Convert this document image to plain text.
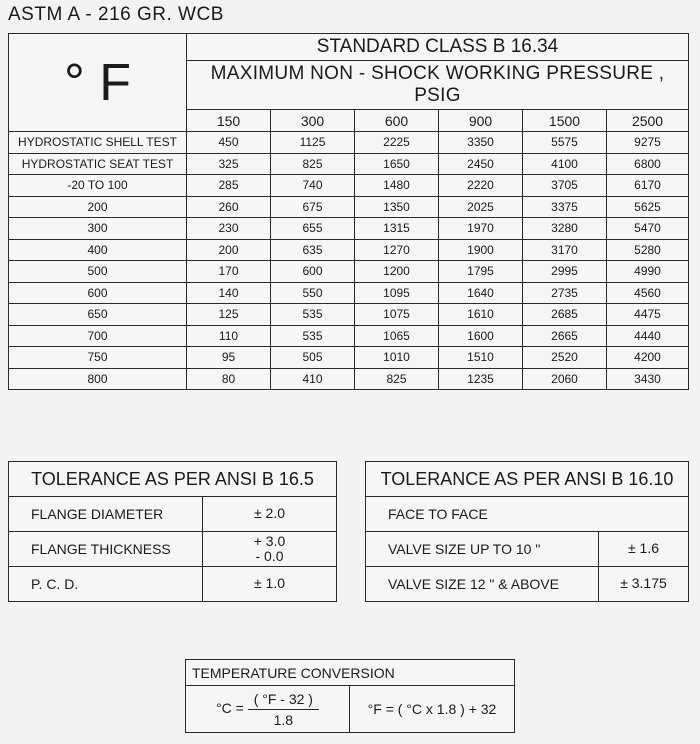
ASTM A - 216 GR. WCB
° F	STANDARD CLASS B 16.34					
	MAXIMUM NON - SHOCK WORKING PRESSURE , PSIG					
	150	300	600	900	1500	2500
HYDROSTATIC SHELL TEST	450	1125	2225	3350	5575	9275
HYDROSTATIC SEAT TEST	325	825	1650	2450	4100	6800
-20 TO 100	285	740	1480	2220	3705	6170
200	260	675	1350	2025	3375	5625
300	230	655	1315	1970	3280	5470
400	200	635	1270	1900	3170	5280
500	170	600	1200	1795	2995	4990
600	140	550	1095	1640	2735	4560
650	125	535	1075	1610	2685	4475
700	110	535	1065	1600	2665	4440
750	95	505	1010	1510	2520	4200
800	80	410	825	1235	2060	3430
TOLERANCE AS PER ANSI B 16.5	
FLANGE DIAMETER	± 2.0
FLANGE THICKNESS	+ 3.0
- 0.0

P. C. D.	± 1.0
TOLERANCE AS PER ANSI B 16.10	
FACE TO FACE	
VALVE SIZE UP TO 10 "	± 1.6
VALVE SIZE 12 " & ABOVE	± 3.175
TEMPERATURE CONVERSION
$^\circ C = \frac{( ^\circ F - 32 )}{1.8}$	°F = ( °C x 1.8 ) + 32
